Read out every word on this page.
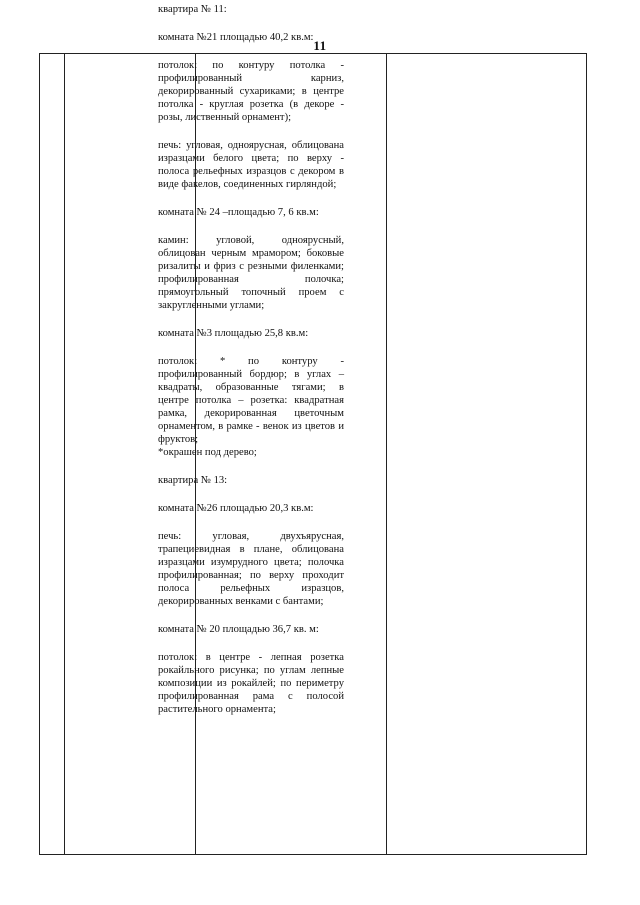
11

квартира № 11:

комната №21 площадью 40,2 кв.м:

потолок: по контуру потолка - профилированный карниз, декорированный сухариками; в центре потолка - круглая розетка (в декоре - розы, лиственный орнамент);

печь: угловая, одноярусная, облицована изразцами белого цвета; по верху - полоса рельефных изразцов с декором в виде факелов, соединенных гирляндой;

комната № 24 –площадью 7, 6 кв.м:

камин: угловой, одноярусный, облицован черным мрамором; боковые ризалиты и фриз с резными филенками; профилированная полочка; прямоугольный топочный проем с закругленными углами;

комната №3 площадью 25,8 кв.м:

потолок: * по контуру - профилированный бордюр; в углах – квадраты, образованные тягами; в центре потолка – розетка: квадратная рамка, декорированная цветочным орнаментом, в рамке - венок из цветов и фруктов;

*окрашен под дерево;

квартира № 13:

комната №26 площадью 20,3 кв.м:

печь: угловая, двухъярусная, трапециевидная в плане, облицована изразцами изумрудного цвета; полочка профилированная; по верху проходит полоса рельефных изразцов, декорированных венками с бантами;

комната № 20 площадью 36,7 кв. м:

потолок: в центре - лепная розетка рокайльного рисунка; по углам лепные композиции из рокайлей; по периметру профилированная рама с полосой растительного орнамента;
